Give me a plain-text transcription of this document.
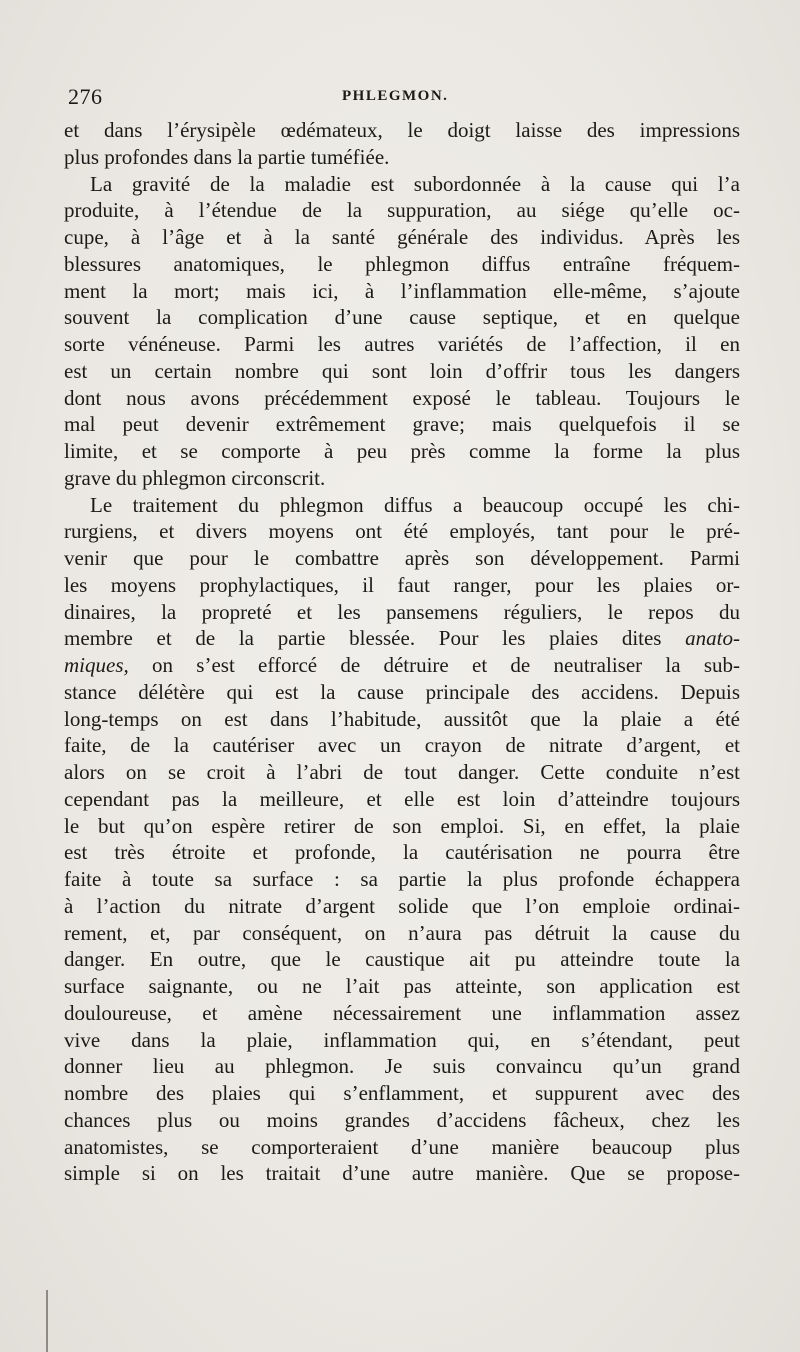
276	PHLEGMON.
et dans l’érysipèle œdémateux, le doigt laisse des impressions
plus profondes dans la partie tuméfiée.
La gravité de la maladie est subordonnée à la cause qui l’a
produite, à l’étendue de la suppuration, au siége qu’elle oc-
cupe, à l’âge et à la santé générale des individus. Après les
blessures anatomiques, le phlegmon diffus entraîne fréquem-
ment la mort; mais ici, à l’inflammation elle-même, s’ajoute
souvent la complication d’une cause septique, et en quelque
sorte vénéneuse. Parmi les autres variétés de l’affection, il en
est un certain nombre qui sont loin d’offrir tous les dangers
dont nous avons précédemment exposé le tableau. Toujours le
mal peut devenir extrêmement grave; mais quelquefois il se
limite, et se comporte à peu près comme la forme la plus
grave du phlegmon circonscrit.
Le traitement du phlegmon diffus a beaucoup occupé les chi-
rurgiens, et divers moyens ont été employés, tant pour le pré-
venir que pour le combattre après son développement. Parmi
les moyens prophylactiques, il faut ranger, pour les plaies or-
dinaires, la propreté et les pansemens réguliers, le repos du
membre et de la partie blessée. Pour les plaies dites anato-
miques, on s’est efforcé de détruire et de neutraliser la sub-
stance délétère qui est la cause principale des accidens. Depuis
long-temps on est dans l’habitude, aussitôt que la plaie a été
faite, de la cautériser avec un crayon de nitrate d’argent, et
alors on se croit à l’abri de tout danger. Cette conduite n’est
cependant pas la meilleure, et elle est loin d’atteindre toujours
le but qu’on espère retirer de son emploi. Si, en effet, la plaie
est très étroite et profonde, la cautérisation ne pourra être
faite à toute sa surface : sa partie la plus profonde échappera
à l’action du nitrate d’argent solide que l’on emploie ordinai-
rement, et, par conséquent, on n’aura pas détruit la cause du
danger. En outre, que le caustique ait pu atteindre toute la
surface saignante, ou ne l’ait pas atteinte, son application est
douloureuse, et amène nécessairement une inflammation assez
vive dans la plaie, inflammation qui, en s’étendant, peut
donner lieu au phlegmon. Je suis convaincu qu’un grand
nombre des plaies qui s’enflamment, et suppurent avec des
chances plus ou moins grandes d’accidens fâcheux, chez les
anatomistes, se comporteraient d’une manière beaucoup plus
simple si on les traitait d’une autre manière. Que se propose-
